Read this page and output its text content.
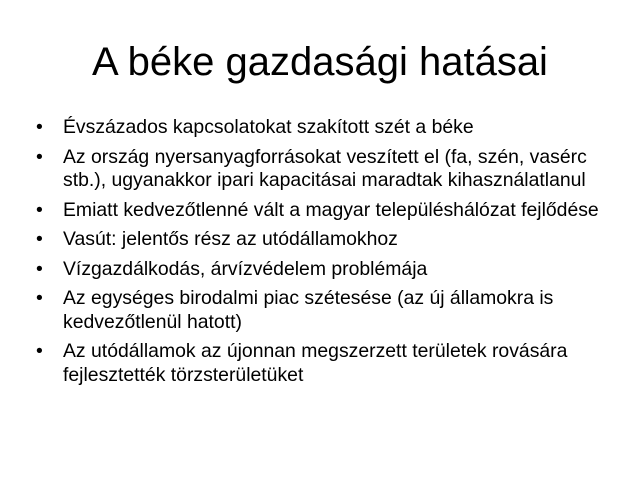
A béke gazdasági hatásai
• Évszázados kapcsolatokat szakított szét a béke
• Az ország nyersanyagforrásokat veszített el (fa, szén, vasérc stb.), ugyanakkor ipari kapacitásai maradtak kihasználatlanul
• Emiatt kedvezőtlenné vált a magyar településhálózat fejlődése
• Vasút: jelentős rész az utódállamokhoz
• Vízgazdálkodás, árvízvédelem problémája
• Az egységes birodalmi piac szétesése (az új államokra is kedvezőtlenül hatott)
• Az utódállamok az újonnan megszerzett területek rovására fejlesztették törzsterületüket
